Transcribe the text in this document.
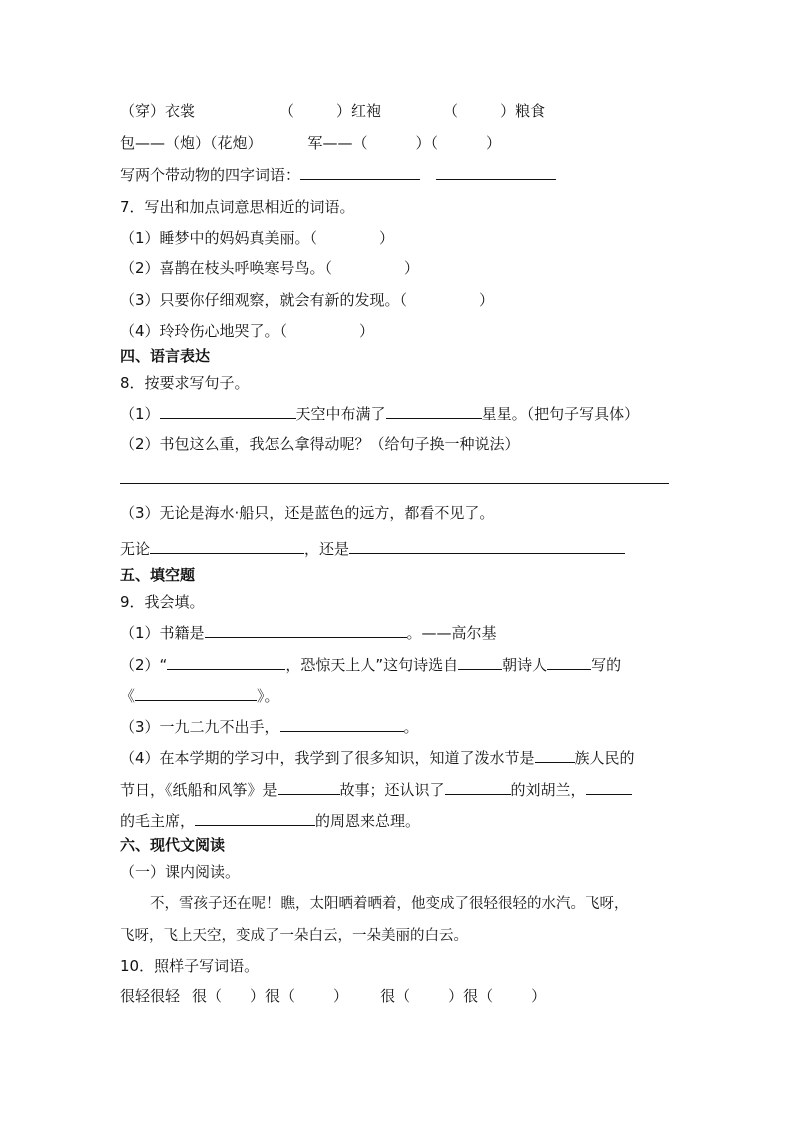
（穿）衣裳	（	）红袍	（	）粮食
包——（炮）（花炮）	军——（	）（	）
写两个带动物的四字词语：
7．写出和加点词意思相近的词语。
（1）睡梦中的妈妈真美丽。（	）
（2）喜鹊在枝头呼唤寒号鸟。（	）
（3）只要你仔细观察，就会有新的发现。（	）
（4）玲玲伤心地哭了。（	）
四、语言表达
8．按要求写句子。
（1）	天空中布满了	星星。（把句子写具体）
（2）书包这么重，我怎么拿得动呢？（给句子换一种说法）
（3）无论是海水·船只，还是蓝色的远方，都看不见了。
无论	，还是
五、填空题
9．我会填。
（1）书籍是	。——高尔基
（2）“	，恐惊天上人”这句诗选自	朝诗人	写的
《	》。
（3）一九二九不出手，	。
（4）在本学期的学习中，我学到了很多知识，知道了泼水节是	族人民的
节日，《纸船和风筝》是	故事；还认识了	的刘胡兰，
的毛主席，	的周恩来总理。
六、现代文阅读
（一）课内阅读。
不，雪孩子还在呢！瞧，太阳晒着晒着，他变成了很轻很轻的水汽。飞呀，
飞呀，飞上天空，变成了一朵白云，一朵美丽的白云。
10．照样子写词语。
很轻很轻 很（ ）很（	） 很（	）很（	）
